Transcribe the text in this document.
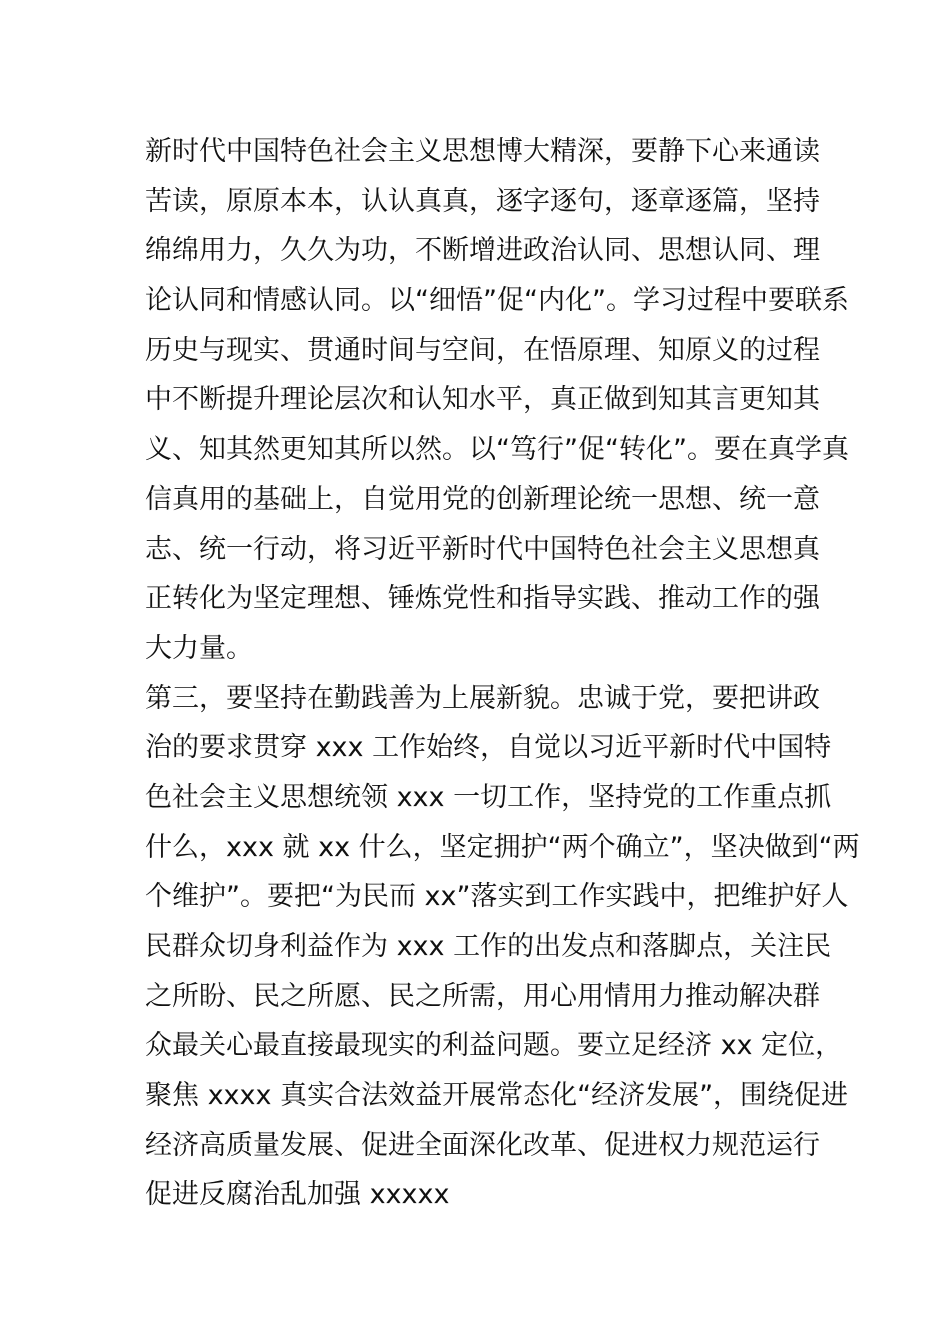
新时代中国特色社会主义思想博大精深，要静下心来通读
苦读，原原本本，认认真真，逐字逐句，逐章逐篇，坚持
绵绵用力，久久为功，不断增进政治认同、思想认同、理
论认同和情感认同。以“细悟”促“内化”。学习过程中要联系
历史与现实、贯通时间与空间，在悟原理、知原义的过程
中不断提升理论层次和认知水平，真正做到知其言更知其
义、知其然更知其所以然。以“笃行”促“转化”。要在真学真
信真用的基础上，自觉用党的创新理论统一思想、统一意
志、统一行动，将习近平新时代中国特色社会主义思想真
正转化为坚定理想、锤炼党性和指导实践、推动工作的强
大力量。
第三，要坚持在勤践善为上展新貌。忠诚于党，要把讲政
治的要求贯穿 xxx 工作始终，自觉以习近平新时代中国特
色社会主义思想统领 xxx 一切工作，坚持党的工作重点抓
什么，xxx 就 xx 什么，坚定拥护“两个确立”，坚决做到“两
个维护”。要把“为民而 xx”落实到工作实践中，把维护好人
民群众切身利益作为 xxx 工作的出发点和落脚点，关注民
之所盼、民之所愿、民之所需，用心用情用力推动解决群
众最关心最直接最现实的利益问题。要立足经济 xx 定位，
聚焦 xxxx 真实合法效益开展常态化“经济发展”，围绕促进
经济高质量发展、促进全面深化改革、促进权力规范运行
促进反腐治乱加强 xxxxx
